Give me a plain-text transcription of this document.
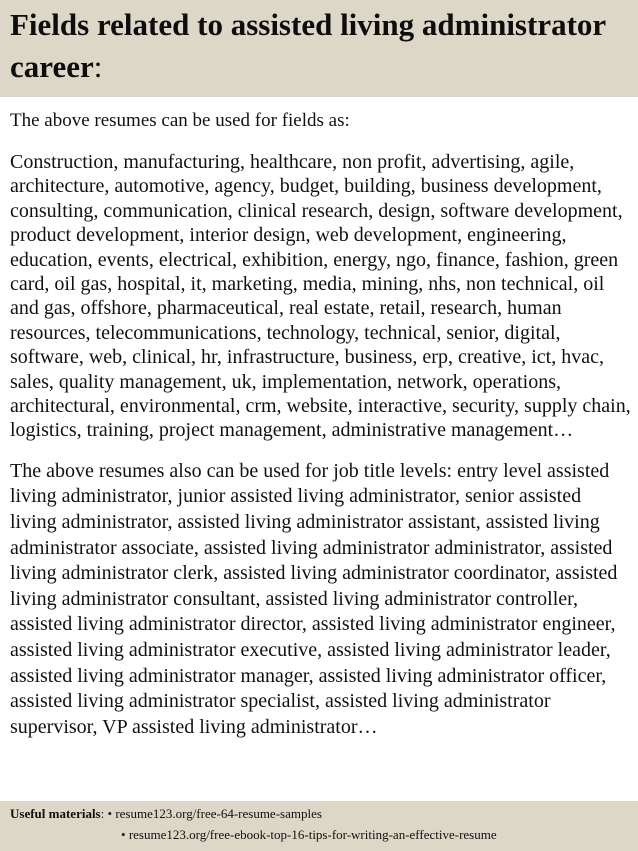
Fields related to assisted living administrator career:

The above resumes can be used for fields as:

Construction, manufacturing, healthcare, non profit, advertising, agile, architecture, automotive, agency, budget, building, business development, consulting, communication, clinical research, design, software development, product development, interior design, web development, engineering, education, events, electrical, exhibition, energy, ngo, finance, fashion, green card, oil gas, hospital, it, marketing, media, mining, nhs, non technical, oil and gas, offshore, pharmaceutical, real estate, retail, research, human resources, telecommunications, technology, technical, senior, digital, software, web, clinical, hr, infrastructure, business, erp, creative, ict, hvac, sales, quality management, uk, implementation, network, operations, architectural, environmental, crm, website, interactive, security, supply chain, logistics, training, project management, administrative management…

The above resumes also can be used for job title levels: entry level assisted living administrator, junior assisted living administrator, senior assisted living administrator, assisted living administrator assistant, assisted living administrator associate, assisted living administrator administrator, assisted living administrator clerk, assisted living administrator coordinator, assisted living administrator consultant, assisted living administrator controller, assisted living administrator director, assisted living administrator engineer, assisted living administrator executive, assisted living administrator leader, assisted living administrator manager, assisted living administrator officer, assisted living administrator specialist, assisted living administrator supervisor, VP assisted living administrator…

Useful materials: • resume123.org/free-64-resume-samples
• resume123.org/free-ebook-top-16-tips-for-writing-an-effective-resume
